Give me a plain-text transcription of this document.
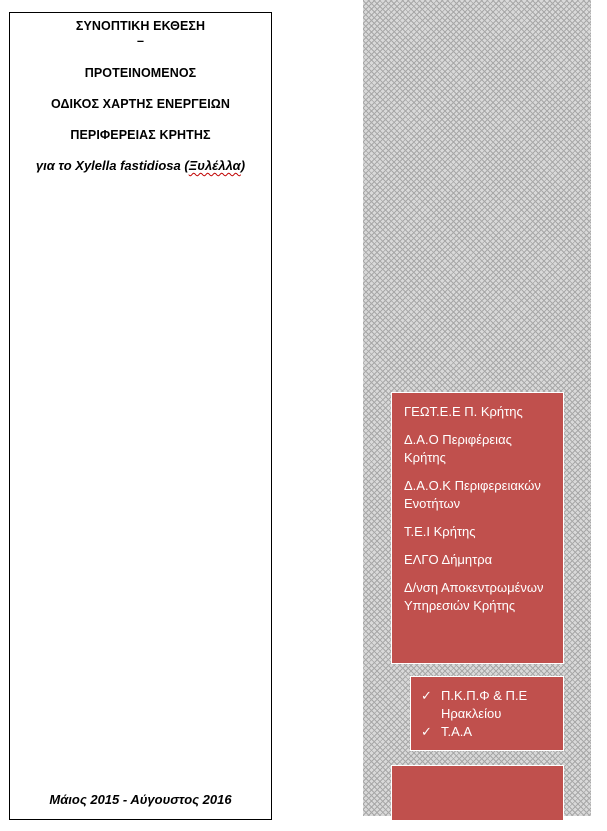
ΣΥΝΟΠΤΙΚΗ ΕΚΘΕΣΗ
–
ΠΡΟΤΕΙΝΟΜΕΝΟΣ
ΟΔΙΚΟΣ ΧΑΡΤΗΣ ΕΝΕΡΓΕΙΩΝ
ΠΕΡΙΦΕΡΕΙΑΣ ΚΡΗΤΗΣ
για το Xylella fastidiosa (Ξυλέλλα)
Μάιος 2015 - Αύγουστος 2016
ΓΕΩΤ.Ε.Ε Π. Κρήτης
Δ.Α.Ο Περιφέρειας Κρήτης
Δ.Α.Ο.Κ Περιφερειακών Ενοτήτων
Τ.Ε.Ι Κρήτης
ΕΛΓΟ Δήμητρα
Δ/νση Αποκεντρωμένων Υπηρεσιών Κρήτης
✓ Π.Κ.Π.Φ & Π.Ε Ηρακλείου
✓ Τ.Α.Α
